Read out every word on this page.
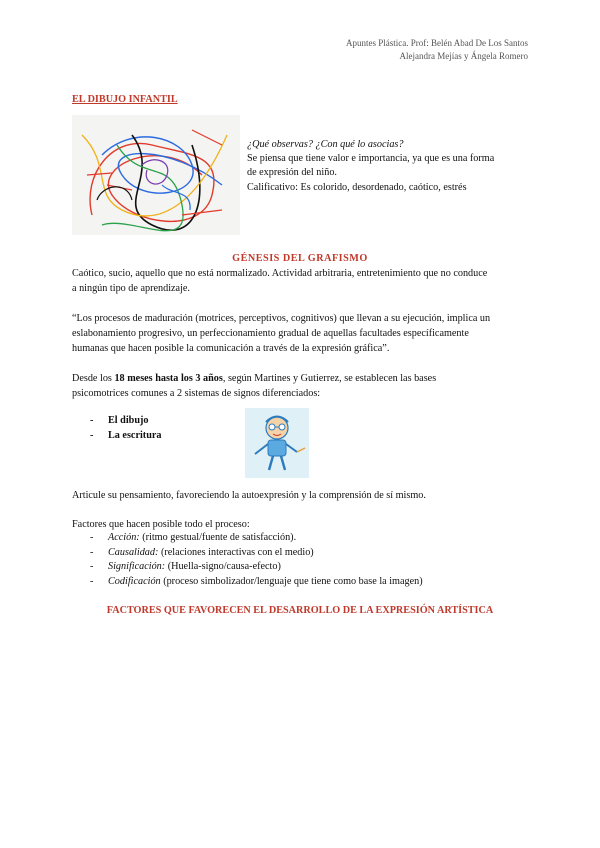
Apuntes Plástica. Prof: Belén Abad De Los Santos
Alejandra Mejías y Ángela Romero
EL DIBUJO INFANTIL
¿Qué observas? ¿Con qué lo asocias?
Se piensa que tiene valor e importancia, ya que es una forma
de expresión del niño.
Calificativo: Es colorido, desordenado, caótico, estrés
GÉNESIS DEL GRAFISMO
Caótico, sucio, aquello que no está normalizado. Actividad arbitraria, entretenimiento que no conduce
a ningún tipo de aprendizaje.
“Los procesos de maduración (motrices, perceptivos, cognitivos) que llevan a su ejecución, implica un
eslabonamiento progresivo, un perfeccionamiento gradual de aquellas facultades específicamente
humanas que hacen posible la comunicación a través de la expresión gráfica”.
Desde los 18 meses hasta los 3 años, según Martines y Gutierrez, se establecen las bases
psicomotrices comunes a 2 sistemas de signos diferenciados:
- El dibujo
- La escritura
Articule su pensamiento, favoreciendo la autoexpresión y la comprensión de sí mismo.
Factores que hacen posible todo el proceso:
- Acción: (ritmo gestual/fuente de satisfacción).
- Causalidad: (relaciones interactivas con el medio)
- Significación: (Huella-signo/causa-efecto)
- Codificación (proceso simbolizador/lenguaje que tiene como base la imagen)
FACTORES QUE FAVORECEN EL DESARROLLO DE LA EXPRESIÓN ARTÍSTICA
